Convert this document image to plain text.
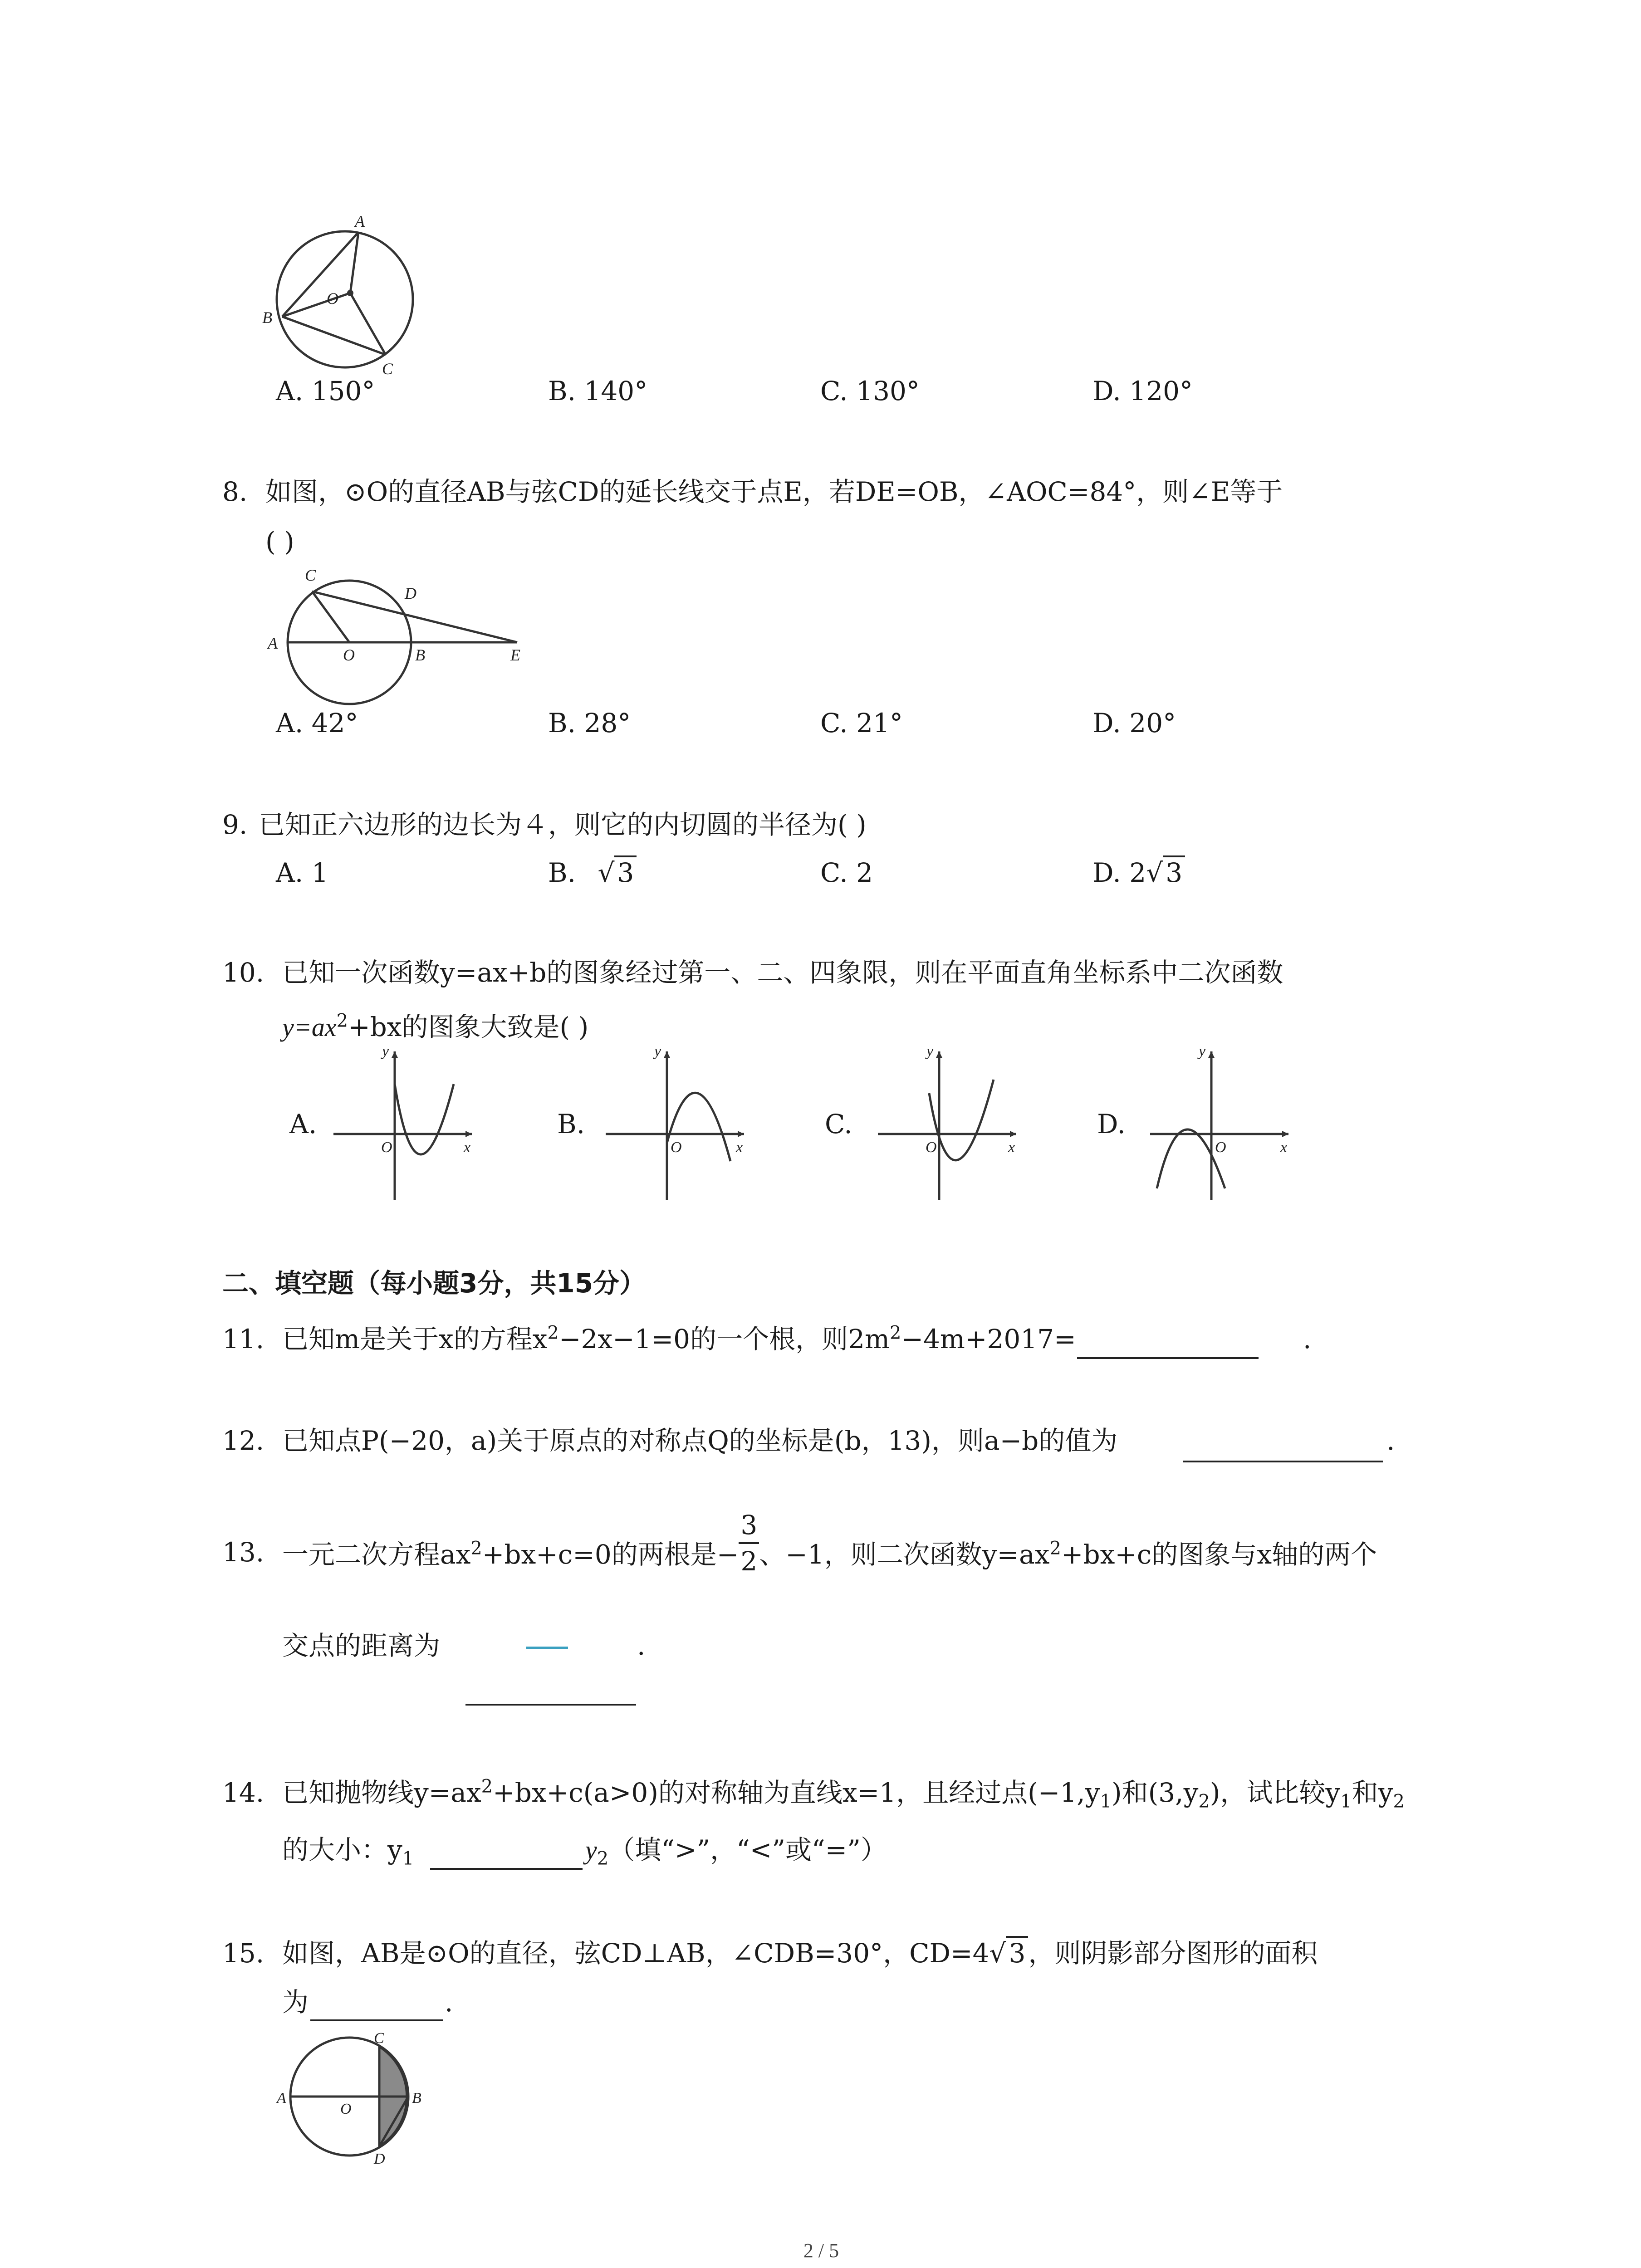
A
B
C
O
A. 150°	B. 140°	C. 130°	D. 120°
8. 如图，⊙O的直径AB与弦CD的延长线交于点E，若DE=OB，∠AOC=84°，则∠E等于
( )
C
D
A
O	B	E
A. 42°	B. 28°	C. 21°	D. 20°
9. 已知正六边形的边长为４，则它的内切圆的半径为( )
A. 1	B. √ 3	C. 2	D. 2√ 3
10. 已知一次函数y=ax+b的图象经过第一、二、四象限，则在平面直角坐标系中二次函数
$y=ax^2+bx$的图象大致是( )
A.
y
x
O
B.
y
x
O
C.
y
x
O
D.
y
x
O
二、填空题（每小题3分，共15分）
11. 已知m是关于x的方程$x^2-2x-1=0$的一个根，则$2m^2-4m+2017=$	.
12. 已知点P(−20，a)关于原点的对称点Q的坐标是(b，13)，则a−b的值为	.
13. 一元二次方程$ax^2+bx+c=0$的两根是− $\frac{3}{2}$ 、−1，则二次函数$y=ax^2+bx+c$的图象与x轴的两个
交点的距离为	.
14. 已知抛物线$y=ax^2+bx+c(a>0)$的对称轴为直线x=1，且经过点$(-1,y_1)$和$(3,y_2)$，试比较$y_1$和$y_2$
的大小：$y_1$	$y_2$（填“>”，“<”或“=”）
15. 如图，AB是⊙O的直径，弦CD⊥AB，∠CDB=30°，CD=4√ 3 ，则阴影部分图形的面积
为	.
C
A
O
B
D
2 / 5
